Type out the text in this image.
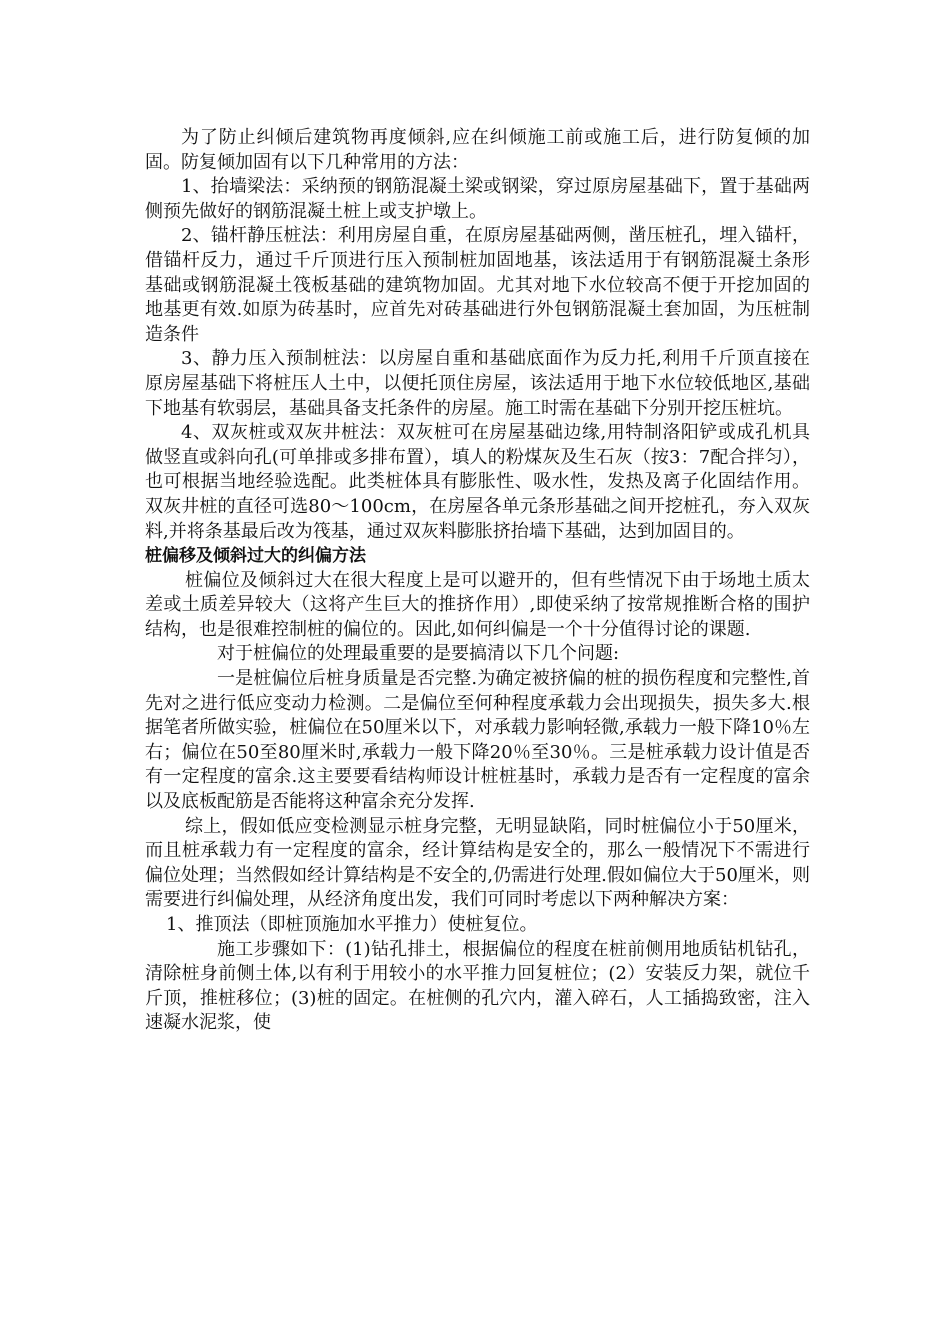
为了防止纠倾后建筑物再度倾斜,应在纠倾施工前或施工后，进行防复倾的加固。防复倾加固有以下几种常用的方法：

1、抬墙梁法：采纳预的钢筋混凝土梁或钢梁，穿过原房屋基础下，置于基础两侧预先做好的钢筋混凝土桩上或支护墩上。

2、锚杆静压桩法：利用房屋自重，在原房屋基础两侧，凿压桩孔，埋入锚杆，借锚杆反力，通过千斤顶进行压入预制桩加固地基，该法适用于有钢筋混凝土条形基础或钢筋混凝土筏板基础的建筑物加固。尤其对地下水位较高不便于开挖加固的地基更有效.如原为砖基时，应首先对砖基础进行外包钢筋混凝土套加固，为压桩制造条件

3、静力压入预制桩法：以房屋自重和基础底面作为反力托,利用千斤顶直接在原房屋基础下将桩压人土中，以便托顶住房屋，该法适用于地下水位较低地区,基础下地基有软弱层，基础具备支托条件的房屋。施工时需在基础下分别开挖压桩坑。

4、双灰桩或双灰井桩法：双灰桩可在房屋基础边缘,用特制洛阳铲或成孔机具做竖直或斜向孔(可单排或多排布置），填人的粉煤灰及生石灰（按3：7配合拌匀），也可根据当地经验选配。此类桩体具有膨胀性、吸水性，发热及离子化固结作用。双灰井桩的直径可选80～100cm，在房屋各单元条形基础之间开挖桩孔，夯入双灰料,并将条基最后改为筏基，通过双灰料膨胀挤抬墙下基础，达到加固目的。

桩偏移及倾斜过大的纠偏方法

桩偏位及倾斜过大在很大程度上是可以避开的，但有些情况下由于场地土质太差或土质差异较大（这将产生巨大的推挤作用）,即使采纳了按常规推断合格的围护结构，也是很难控制桩的偏位的。因此,如何纠偏是一个十分值得讨论的课题.

对于桩偏位的处理最重要的是要搞清以下几个问题:

一是桩偏位后桩身质量是否完整.为确定被挤偏的桩的损伤程度和完整性,首先对之进行低应变动力检测。二是偏位至何种程度承载力会出现损失，损失多大.根据笔者所做实验，桩偏位在50厘米以下，对承载力影响轻微,承载力一般下降10％左右；偏位在50至80厘米时,承载力一般下降20％至30％。三是桩承载力设计值是否有一定程度的富余.这主要要看结构师设计桩桩基时，承载力是否有一定程度的富余以及底板配筋是否能将这种富余充分发挥.

综上，假如低应变检测显示桩身完整，无明显缺陷，同时桩偏位小于50厘米，而且桩承载力有一定程度的富余，经计算结构是安全的，那么一般情况下不需进行偏位处理；当然假如经计算结构是不安全的,仍需进行处理.假如偏位大于50厘米，则需要进行纠偏处理，从经济角度出发，我们可同时考虑以下两种解决方案：

1、推顶法（即桩顶施加水平推力）使桩复位。

施工步骤如下：(1)钻孔排土，根据偏位的程度在桩前侧用地质钻机钻孔，清除桩身前侧土体,以有利于用较小的水平推力回复桩位；(2）安装反力架，就位千斤顶，推桩移位；(3)桩的固定。在桩侧的孔穴内，灌入碎石，人工插捣致密，注入速凝水泥浆，使
